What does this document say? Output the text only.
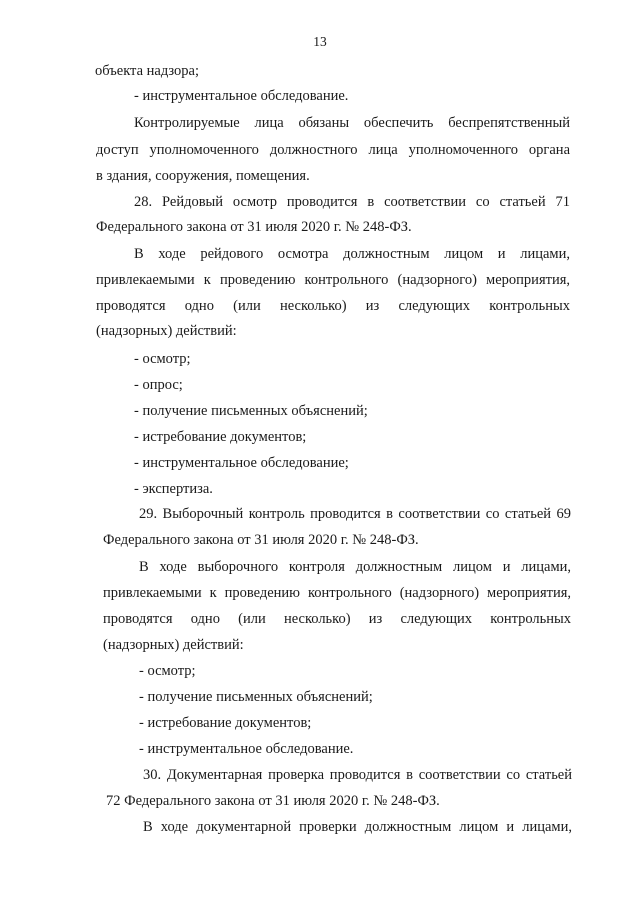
13
объекта надзора;
- инструментальное обследование.
Контролируемые лица обязаны обеспечить беспрепятственный
доступ уполномоченного должностного лица уполномоченного органа
в здания, сооружения, помещения.
28. Рейдовый осмотр проводится в соответствии со статьей 71
Федерального закона от 31 июля 2020 г. № 248-ФЗ.
В ходе рейдового осмотра должностным лицом и лицами,
привлекаемыми к проведению контрольного (надзорного) мероприятия,
проводятся одно (или несколько) из следующих контрольных
(надзорных) действий:
- осмотр;
- опрос;
- получение письменных объяснений;
- истребование документов;
- инструментальное обследование;
- экспертиза.
29. Выборочный контроль проводится в соответствии со статьей 69
Федерального закона от 31 июля 2020 г. № 248-ФЗ.
В ходе выборочного контроля должностным лицом и лицами,
привлекаемыми к проведению контрольного (надзорного) мероприятия,
проводятся одно (или несколько) из следующих контрольных
(надзорных) действий:
- осмотр;
- получение письменных объяснений;
- истребование документов;
- инструментальное обследование.
30. Документарная проверка проводится в соответствии со статьей
72 Федерального закона от 31 июля 2020 г. № 248-ФЗ.
В ходе документарной проверки должностным лицом и лицами,
